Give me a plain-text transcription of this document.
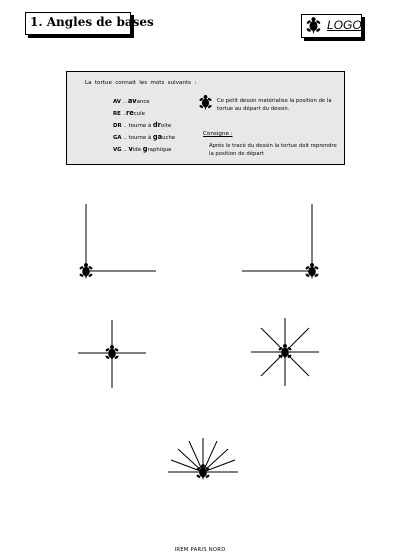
1. Angles de bases	LOGO
La tortue connait les mots suivants :
AV .. avance
RE ..recule
DR .. tourne à droite
GA .. tourne à gauche
VG .. vide graphique
Ce petit dessin matérialise la position de la tortue au départ du dessin.
Consigne :
Après le tracé du dessin la tortue doit reprendre la position de départ
IREM PARIS NORD
